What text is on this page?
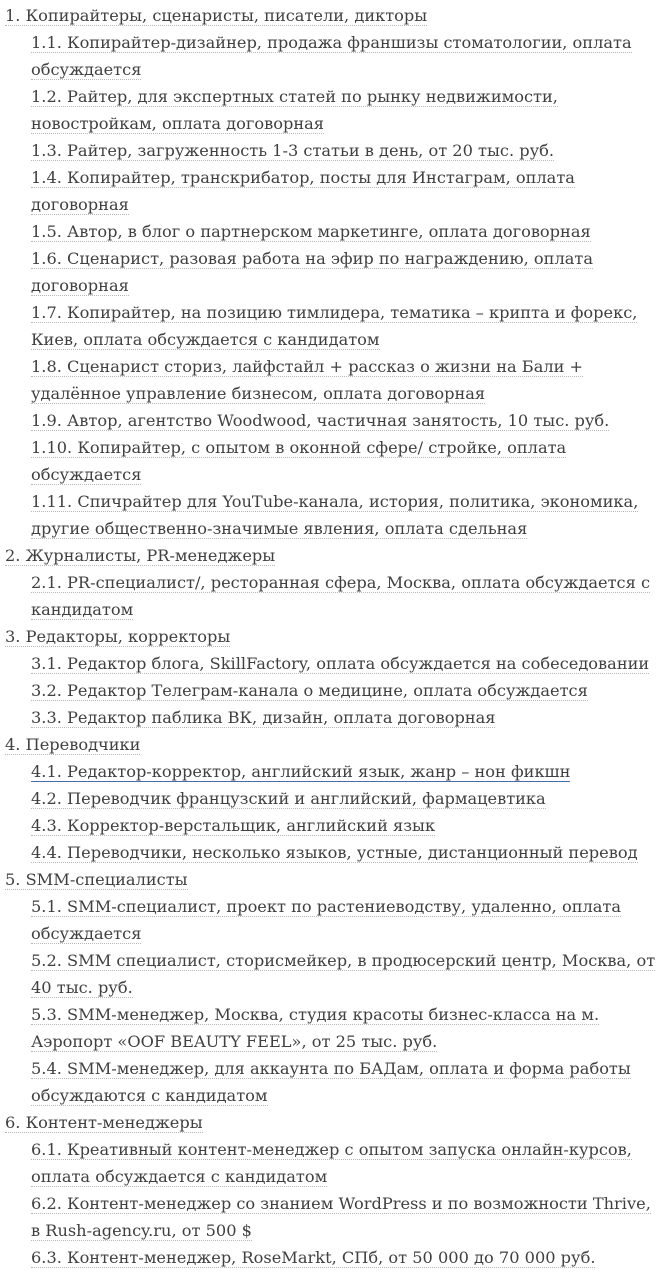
1. Копирайтеры, сценаристы, писатели, дикторы
1.1. Копирайтер-дизайнер, продажа франшизы стоматологии, оплата обсуждается
1.2. Райтер, для экспертных статей по рынку недвижимости, новостройкам, оплата договорная
1.3. Райтер, загруженность 1-3 статьи в день, от 20 тыс. руб.
1.4. Копирайтер, транскрибатор, посты для Инстаграм, оплата договорная
1.5. Автор, в блог о партнерском маркетинге, оплата договорная
1.6. Сценарист, разовая работа на эфир по награждению, оплата договорная
1.7. Копирайтер, на позицию тимлидера, тематика – крипта и форекс, Киев, оплата обсуждается с кандидатом
1.8. Сценарист сториз, лайфстайл + рассказ о жизни на Бали + удалённое управление бизнесом, оплата договорная
1.9. Автор, агентство Woodwood, частичная занятость, 10 тыс. руб.
1.10. Копирайтер, с опытом в оконной сфере/ стройке, оплата обсуждается
1.11. Спичрайтер для YouTube-канала, история, политика, экономика, другие общественно-значимые явления, оплата сдельная
2. Журналисты, PR-менеджеры
2.1. PR-специалист/, ресторанная сфера, Москва, оплата обсуждается с кандидатом
3. Редакторы, корректоры
3.1. Редактор блога, SkillFactory, оплата обсуждается на собеседовании
3.2. Редактор Телеграм-канала о медицине, оплата обсуждается
3.3. Редактор паблика ВК, дизайн, оплата договорная
4. Переводчики
4.1. Редактор-корректор, английский язык, жанр – нон фикшн
4.2. Переводчик французский и английский, фармацевтика
4.3. Корректор-верстальщик, английский язык
4.4. Переводчики, несколько языков, устные, дистанционный перевод
5. SMM-специалисты
5.1. SMM-специалист, проект по растениеводству, удаленно, оплата обсуждается
5.2. SMM специалист, сторисмейкер, в продюсерский центр, Москва, от 40 тыс. руб.
5.3. SMM-менеджер, Москва, студия красоты бизнес-класса на м. Аэропорт «OOF BEAUTY FEEL», от 25 тыс. руб.
5.4. SMM-менеджер, для аккаунта по БАДам, оплата и форма работы обсуждаются с кандидатом
6. Контент-менеджеры
6.1. Креативный контент-менеджер с опытом запуска онлайн-курсов, оплата обсуждается с кандидатом
6.2. Контент-менеджер со знанием WordPress и по возможности Thrive, в Rush-agency.ru, от 500 $
6.3. Контент-менеджер, RoseMarkt, СПб, от 50 000 до 70 000 руб.
